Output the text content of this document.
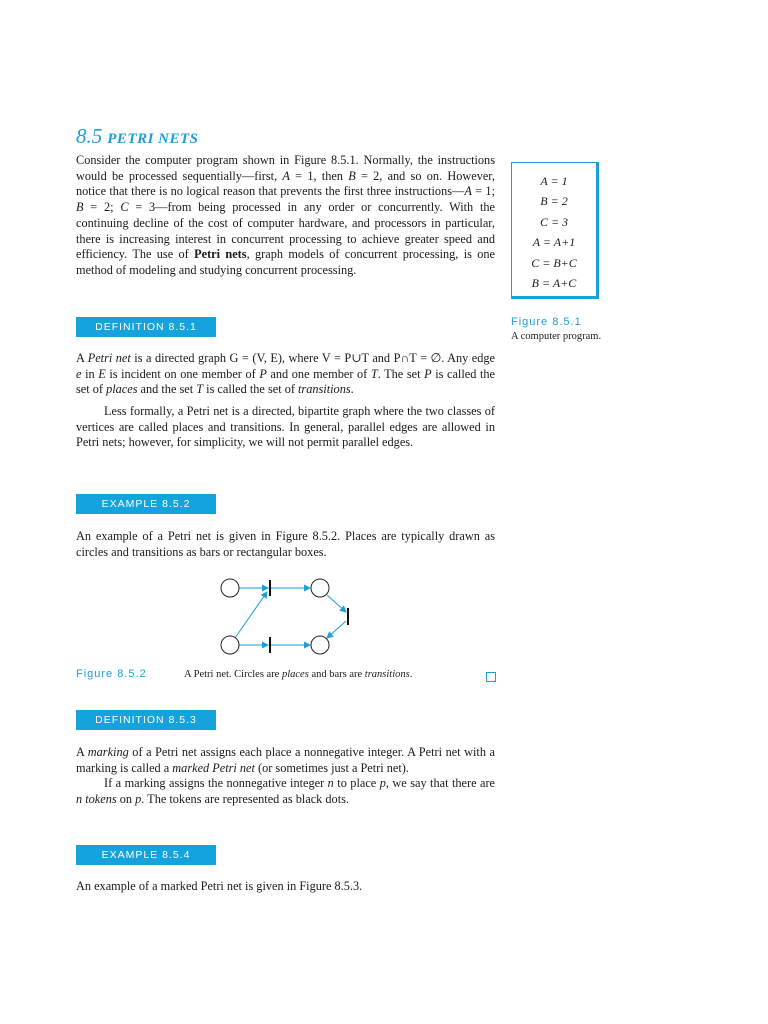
8.5 PETRI NETS
Consider the computer program shown in Figure 8.5.1. Normally, the instructions would be processed sequentially—first, A = 1, then B = 2, and so on. However, notice that there is no logical reason that prevents the first three instructions—A = 1; B = 2; C = 3—from being processed in any order or concurrently. With the continuing decline of the cost of computer hardware, and processors in particular, there is increasing interest in concurrent processing to achieve greater speed and efficiency. The use of Petri nets, graph models of concurrent processing, is one method of modeling and studying concurrent processing.
A = 1
B = 2
C = 3
A = A+1
C = B+C
B = A+C
Figure 8.5.1
A computer program.
DEFINITION 8.5.1
A Petri net is a directed graph G = (V, E), where V = P∪T and P∩T = ∅. Any edge e in E is incident on one member of P and one member of T. The set P is called the set of places and the set T is called the set of transitions.
Less formally, a Petri net is a directed, bipartite graph where the two classes of vertices are called places and transitions. In general, parallel edges are allowed in Petri nets; however, for simplicity, we will not permit parallel edges.
EXAMPLE 8.5.2
An example of a Petri net is given in Figure 8.5.2. Places are typically drawn as circles and transitions as bars or rectangular boxes.
Figure 8.5.2	A Petri net. Circles are places and bars are transitions.
DEFINITION 8.5.3
A marking of a Petri net assigns each place a nonnegative integer. A Petri net with a marking is called a marked Petri net (or sometimes just a Petri net).
If a marking assigns the nonnegative integer n to place p, we say that there are n tokens on p. The tokens are represented as black dots.
EXAMPLE 8.5.4
An example of a marked Petri net is given in Figure 8.5.3.
